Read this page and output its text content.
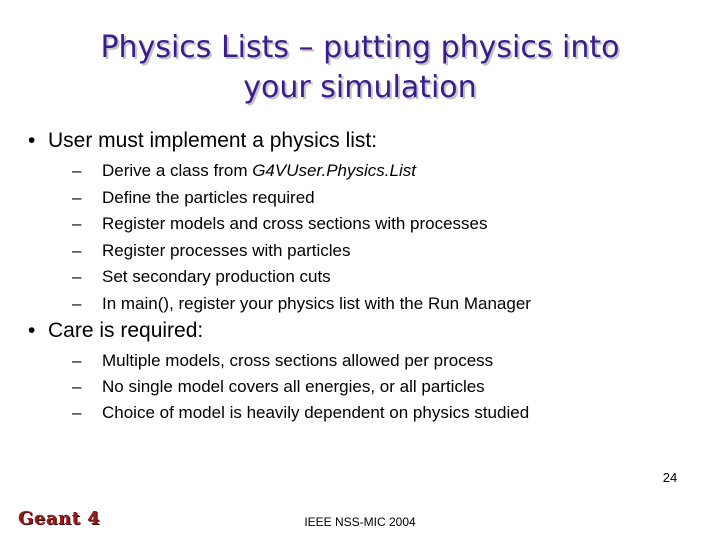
Physics Lists – putting physics into
your simulation
• User must implement a physics list:
– Derive a class from G4VUser.Physics.List
– Define the particles required
– Register models and cross sections with processes
– Register processes with particles
– Set secondary production cuts
– In main(), register your physics list with the Run Manager
• Care is required:
– Multiple models, cross sections allowed per process
– No single model covers all energies, or all particles
– Choice of model is heavily dependent on physics studied
24
Geant 4	IEEE NSS-MIC 2004
